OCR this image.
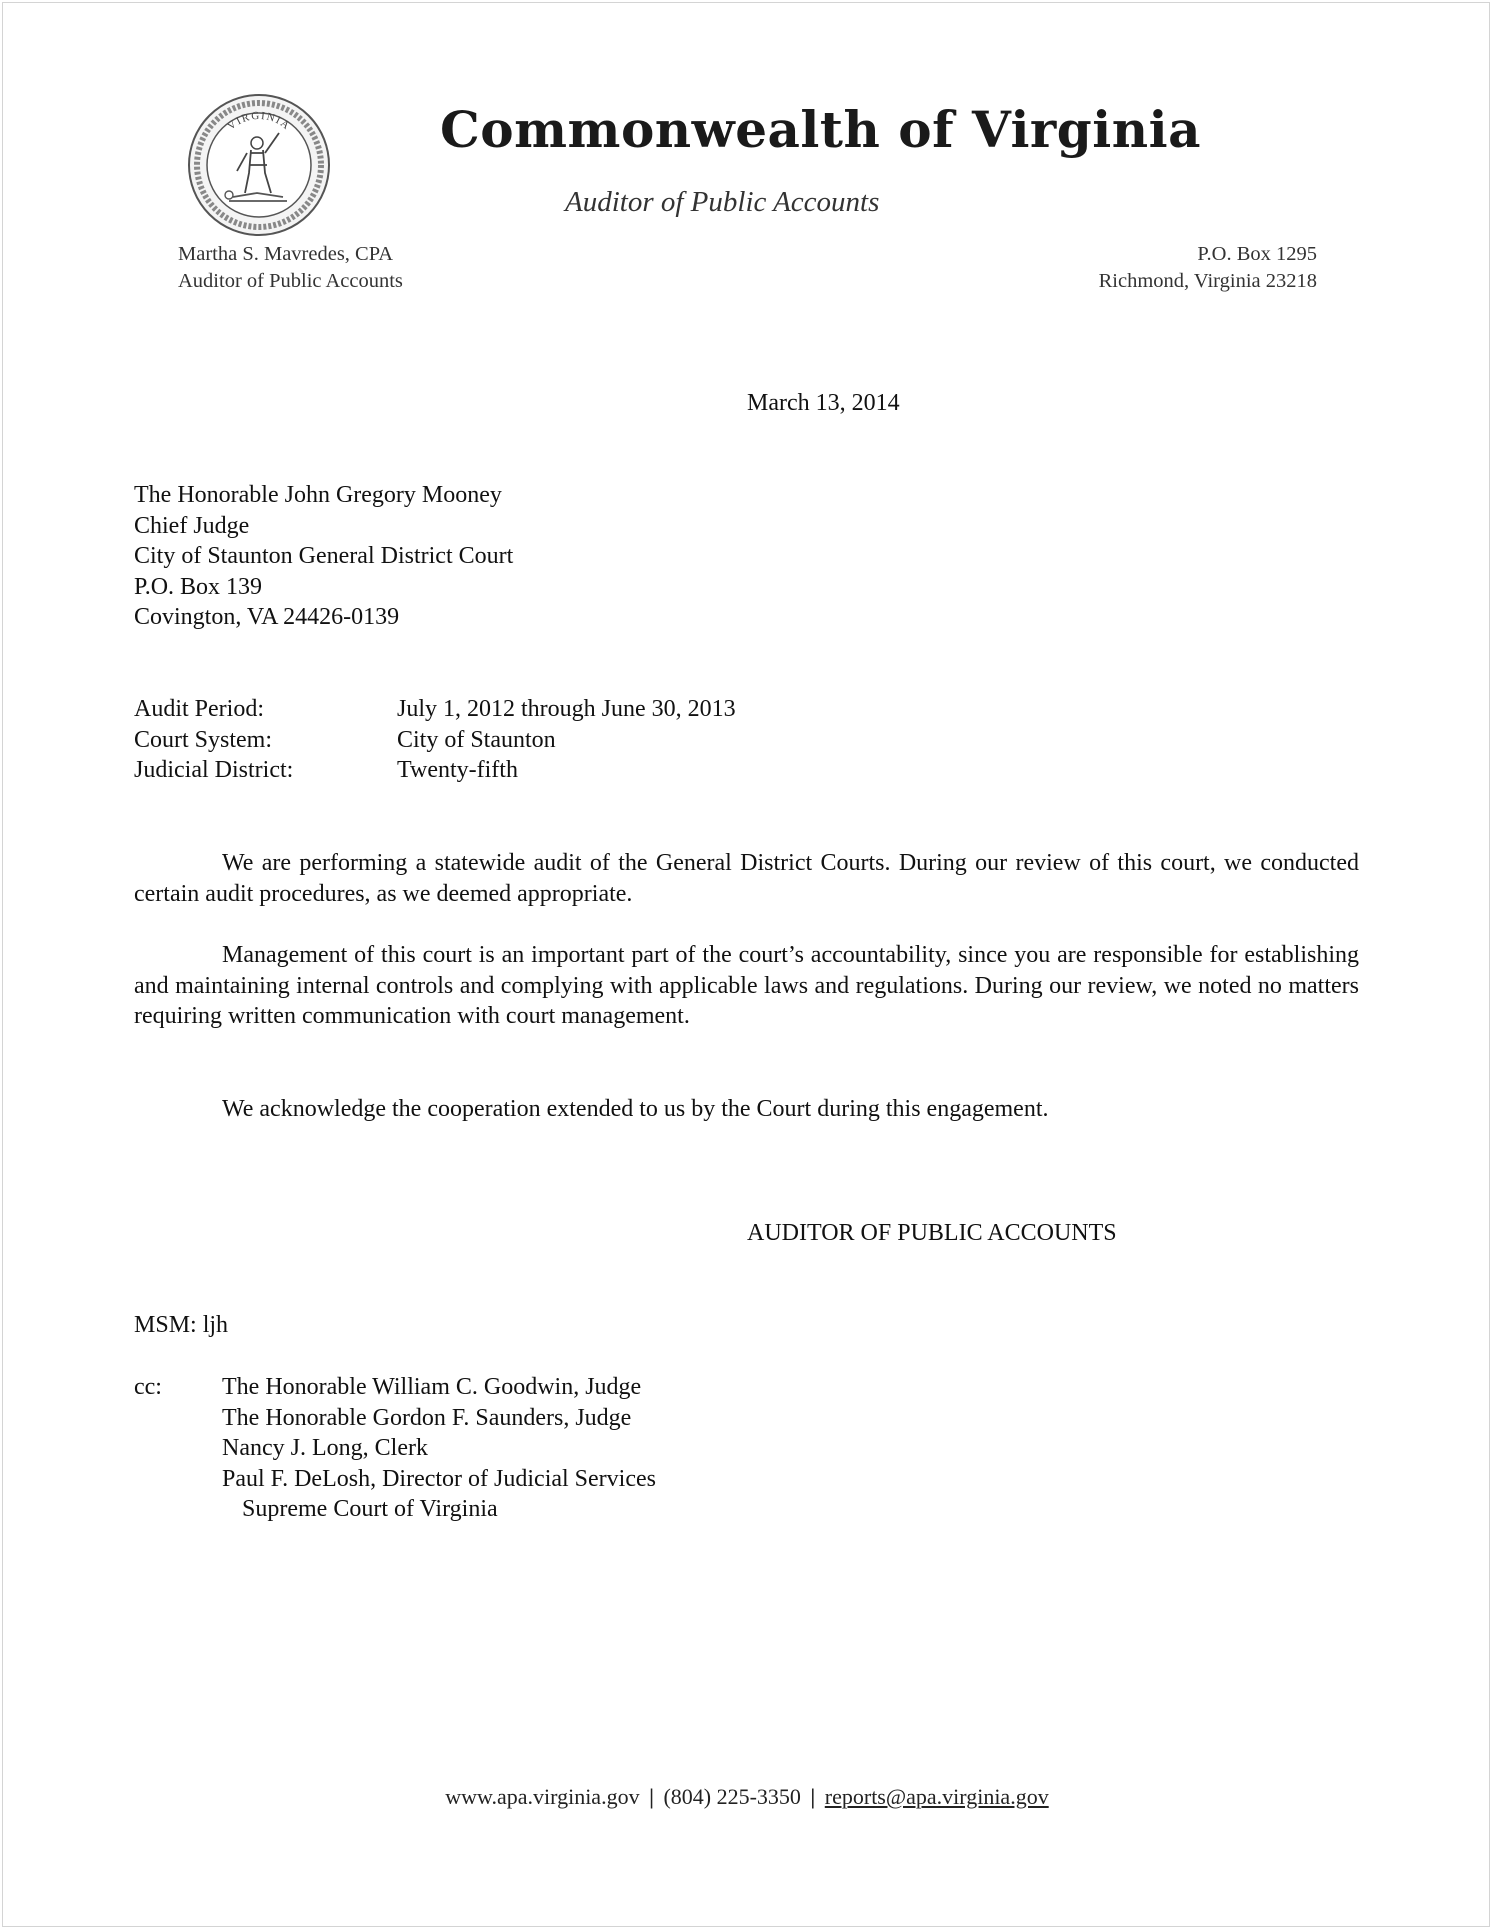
VIRGINIA	Commonwealth of Virginia
Auditor of Public Accounts
Martha S. Mavredes, CPA
Auditor of Public Accounts
P.O. Box 1295
Richmond, Virginia 23218
March 13, 2014
The Honorable John Gregory Mooney
Chief Judge
City of Staunton General District Court
P.O. Box 139
Covington, VA 24426-0139
Audit Period:	July 1, 2012 through June 30, 2013
Court System:	City of Staunton
Judicial District:	Twenty-fifth
We are performing a statewide audit of the General District Courts. During our review of this court, we conducted certain audit procedures, as we deemed appropriate.
Management of this court is an important part of the court’s accountability, since you are responsible for establishing and maintaining internal controls and complying with applicable laws and regulations. During our review, we noted no matters requiring written communication with court management.
We acknowledge the cooperation extended to us by the Court during this engagement.
AUDITOR OF PUBLIC ACCOUNTS
MSM: ljh
cc:	The Honorable William C. Goodwin, Judge
The Honorable Gordon F. Saunders, Judge
Nancy J. Long, Clerk
Paul F. DeLosh, Director of Judicial Services
Supreme Court of Virginia
www.apa.virginia.gov | (804) 225-3350 | reports@apa.virginia.gov
